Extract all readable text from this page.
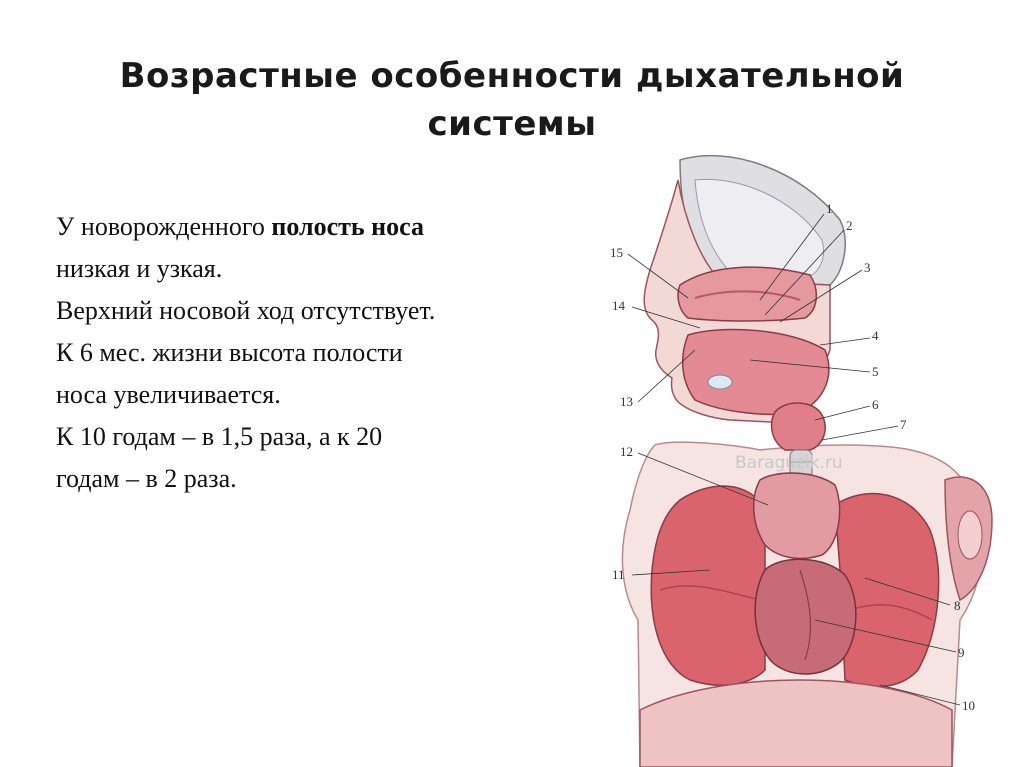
Возрастные особенности дыхательной
системы
У новорожденного полость носа
низкая и узкая.
Верхний носовой ход отсутствует.
К 6 мес. жизни высота полости
носа увеличивается.
К 10 годам – в 1,5 раза, а к 20
годам – в 2 раза.
Baraguzik.ru
1
2
3
4
5
6
7
8
9
10
11
12
13
14
15
